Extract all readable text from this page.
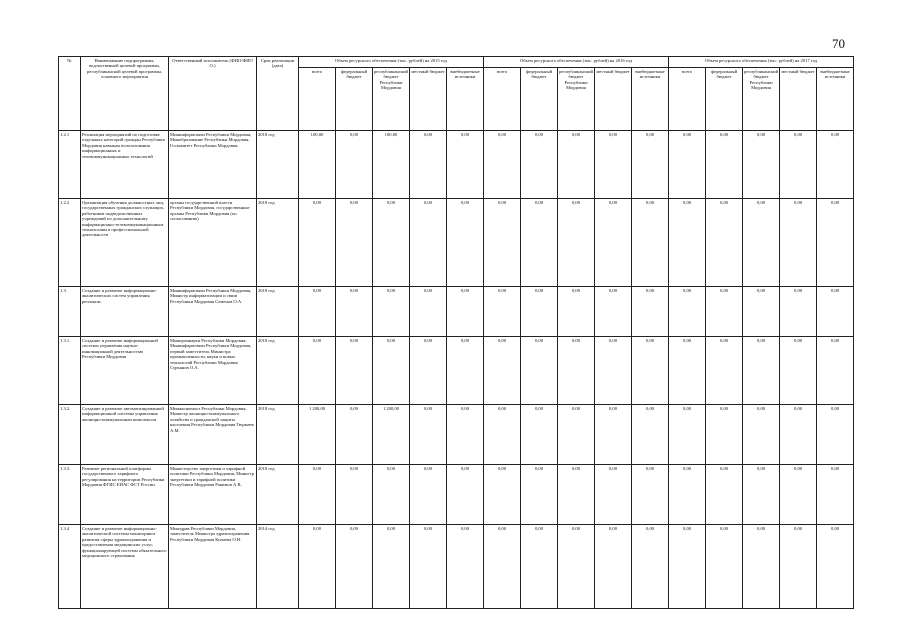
70
№	Наименование подпрограммы, ведомственной целевой программы, республиканской целевой программы, основного мероприятия	Ответственный исполнитель (ФИО/ФИО О.)	Срок реализации (дата)	Объем ресурсного обеспечения (тыс. рублей) на 2015 год					Объем ресурсного обеспечения (тыс. рублей) на 2016 год					Объем ресурсного обеспечения (тыс. рублей) на 2017 год				
				всего	федеральный бюджет	республиканский бюджет Республики Мордовия	местный бюджет	внебюджетные источники	всего	федеральный бюджет	республиканский бюджет Республики Мордовия	местный бюджет	внебюджетные источники	всего	федеральный бюджет	республиканский бюджет Республики Мордовия	местный бюджет	внебюджетные источники
1.2.1	Реализация мероприятий по подготовке отдельных категорий граждан Республики Мордовия навыкам использования информационных и телекоммуникационных технологий	Мининформсвязи Республики Мордовия, Минобразование Республики Мордовия, Госкомитет Республики Мордовия	2018 год	100,00	0,00	100,00	0,00	0,00	0,00	0,00	0,00	0,00	0,00	0,00	0,00	0,00	0,00	0,00
1.2.2	Организация обучения должностных лиц, государственных гражданских служащих, работников подведомственных учреждений по дополнительному информационно-телекоммуникационным технологиям в профессиональной деятельности	органы государственной власти Республики Мордовия, государственные органы Республики Мордовия (по согласованию)	2018 год	0,00	0,00	0,00	0,00	0,00	0,00	0,00	0,00	0,00	0,00	0,00	0,00	0,00	0,00	0,00
1.3.	Создание и развитие информационно-аналитических систем управления регионом	Мининформсвязи Республики Мордовия, Министр информатизации и связи Республики Мордовия Семенов О.А.	2018 год	0,00	0,00	0,00	0,00	0,00	0,00	0,00	0,00	0,00	0,00	0,00	0,00	0,00	0,00	0,00
1.3.1.	Создание и развитие информационной системы управления научно-инновационной деятельностью Республики Мордовия	Минпромнауки Республики Мордовия, Мининформсвязи Республики Мордовия, первый заместитель Министра промышленности, науки и новых технологий Республики Мордовия Сурьянов О.А.	2018 год	0,00	0,00	0,00	0,00	0,00	0,00	0,00	0,00	0,00	0,00	0,00	0,00	0,00	0,00	0,00
1.3.2.	Создание и развитие автоматизированной информационной системы управления жилищно-коммунальным комплексом	Минжилкомхоз Республики Мордовия, Министр жилищно-коммунального хозяйства и гражданской защиты населения Республики Мордовия Тюрмаев А.М.	2018 год	1 200,00	0,00	1 200,00	0,00	0,00	0,00	0,00	0,00	0,00	0,00	0,00	0,00	0,00	0,00	0,00
1.3.3.	Развитие региональной платформы государственного тарифного регулирования на территории Республики Мордовия ФГИС ЕИАС ФСТ России	Министерство энергетики и тарифной политики Республики Мордовия, Министр энергетики и тарифной политики Республики Мордовия Ракимов А.В.	2018 год	0,00	0,00	0,00	0,00	0,00	0,00	0,00	0,00	0,00	0,00	0,00	0,00	0,00	0,00	0,00
1.3.4	Создание и развитие информационно-аналитической системы мониторинга развития сферы здравоохранения и предоставления медицинских услуг, функционирующей системы обязательного медицинского страхования	Минздрав Республики Мордовия, заместитель Министра здравоохранения Республики Мордовия Кичаева О.Н.	2014 год	0,00	0,00	0,00	0,00	0,00	0,00	0,00	0,00	0,00	0,00	0,00	0,00	0,00	0,00	0,00
